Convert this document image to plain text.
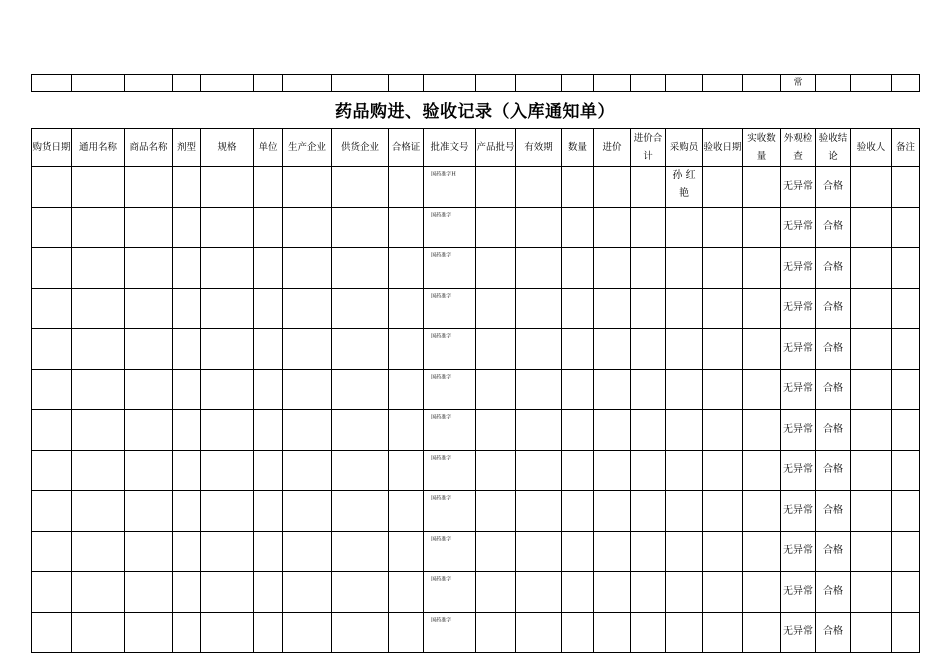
																		常			
药品购进、验收记录（入库通知单）
购货日期	通用名称	商品名称	剂型	规格	单位	生产企业	供货企业	合格证	批准文号	产品批号	有效期	数量	进价	进价合计	采购员	验收日期	实收数量	外观检查	验收结论	验收人	备注

									国药准字H						孙 红 艳			无异常	合格		

									国药准字									无异常	合格		

									国药准字									无异常	合格		

									国药准字									无异常	合格		

									国药准字									无异常	合格		

									国药准字									无异常	合格		

									国药准字									无异常	合格		

									国药准字									无异常	合格		

									国药准字									无异常	合格		

									国药准字									无异常	合格		

									国药准字									无异常	合格		

									国药准字									无异常	合格		
